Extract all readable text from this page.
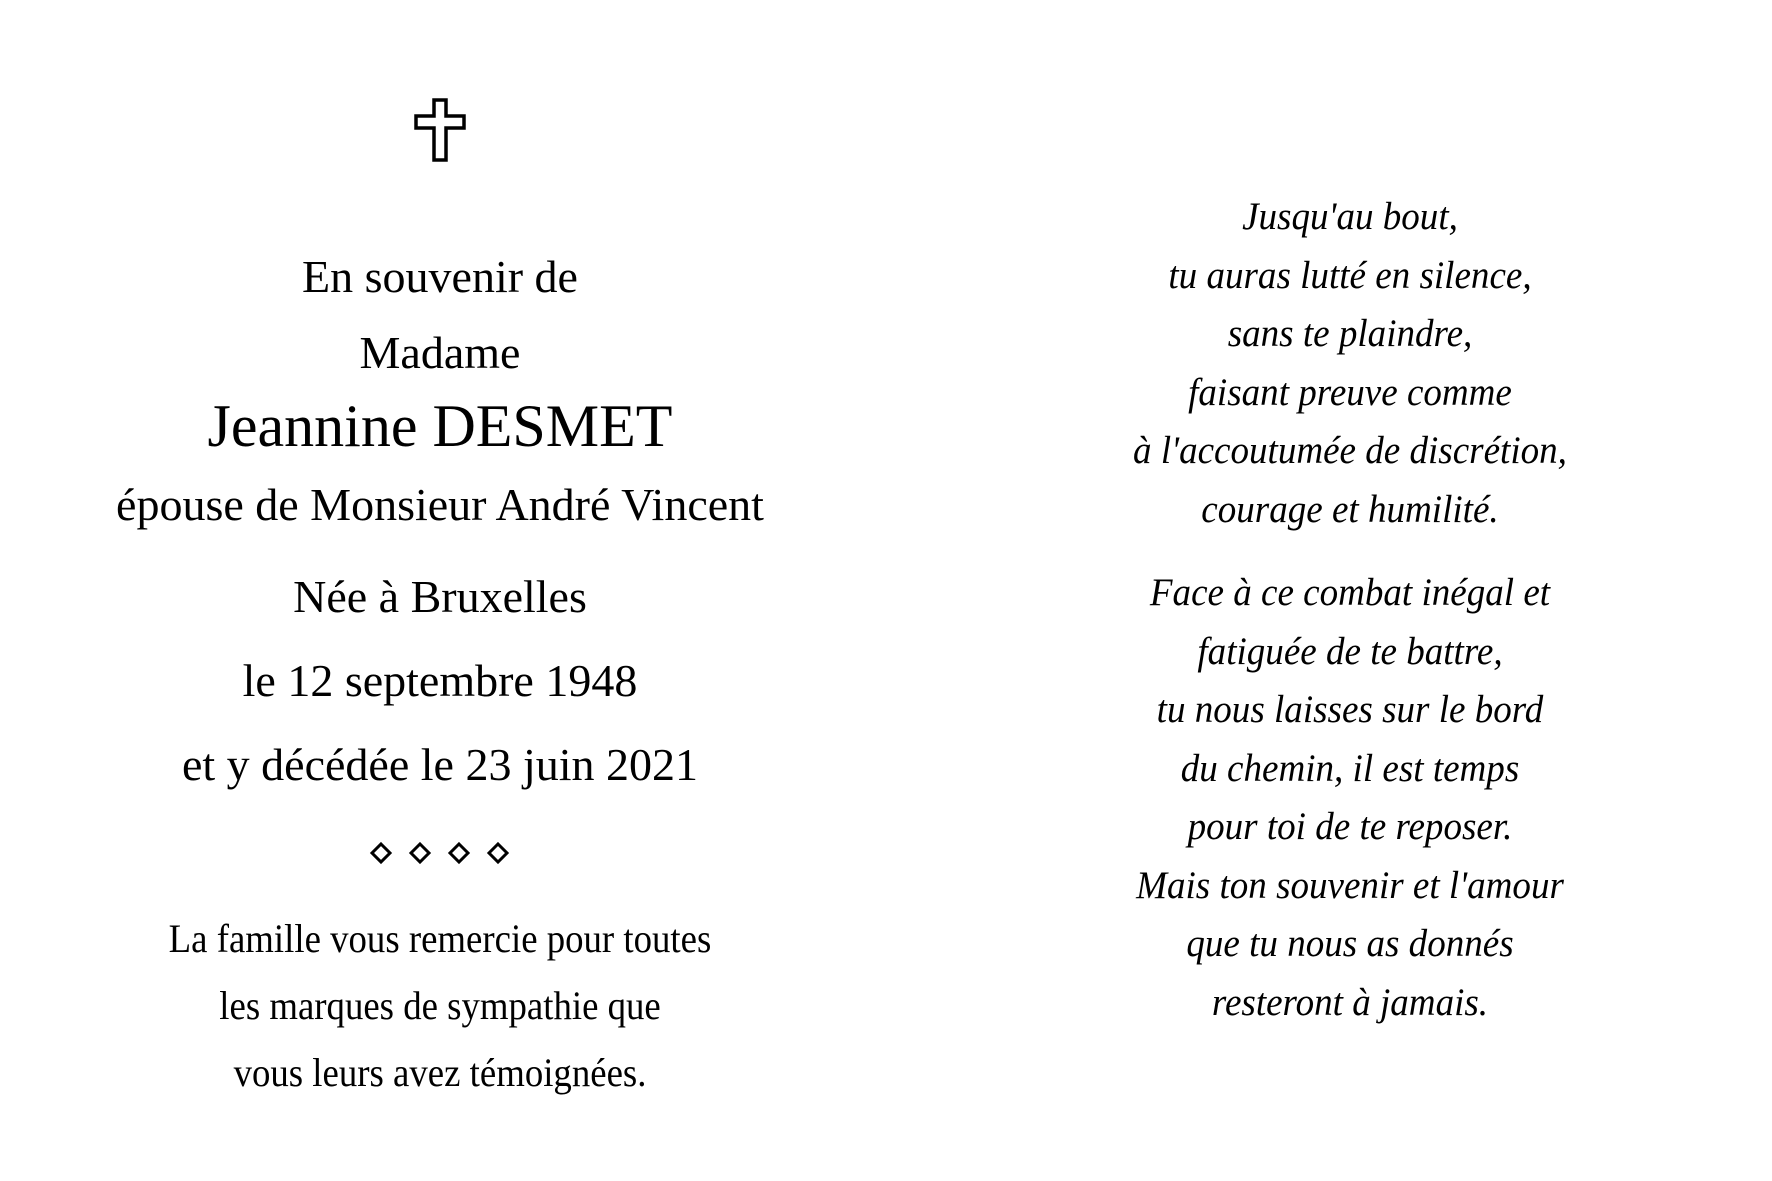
En souvenir de
Madame
Jeannine DESMET
épouse de Monsieur André Vincent
Née à Bruxelles
le 12 septembre 1948
et y décédée le 23 juin 2021
La famille vous remercie pour toutes
les marques de sympathie que
vous leurs avez témoignées.
Jusqu'au bout,
tu auras lutté en silence,
sans te plaindre,
faisant preuve comme
à l'accoutumée de discrétion,
courage et humilité.
Face à ce combat inégal et
fatiguée de te battre,
tu nous laisses sur le bord
du chemin, il est temps
pour toi de te reposer.
Mais ton souvenir et l'amour
que tu nous as donnés
resteront à jamais.
